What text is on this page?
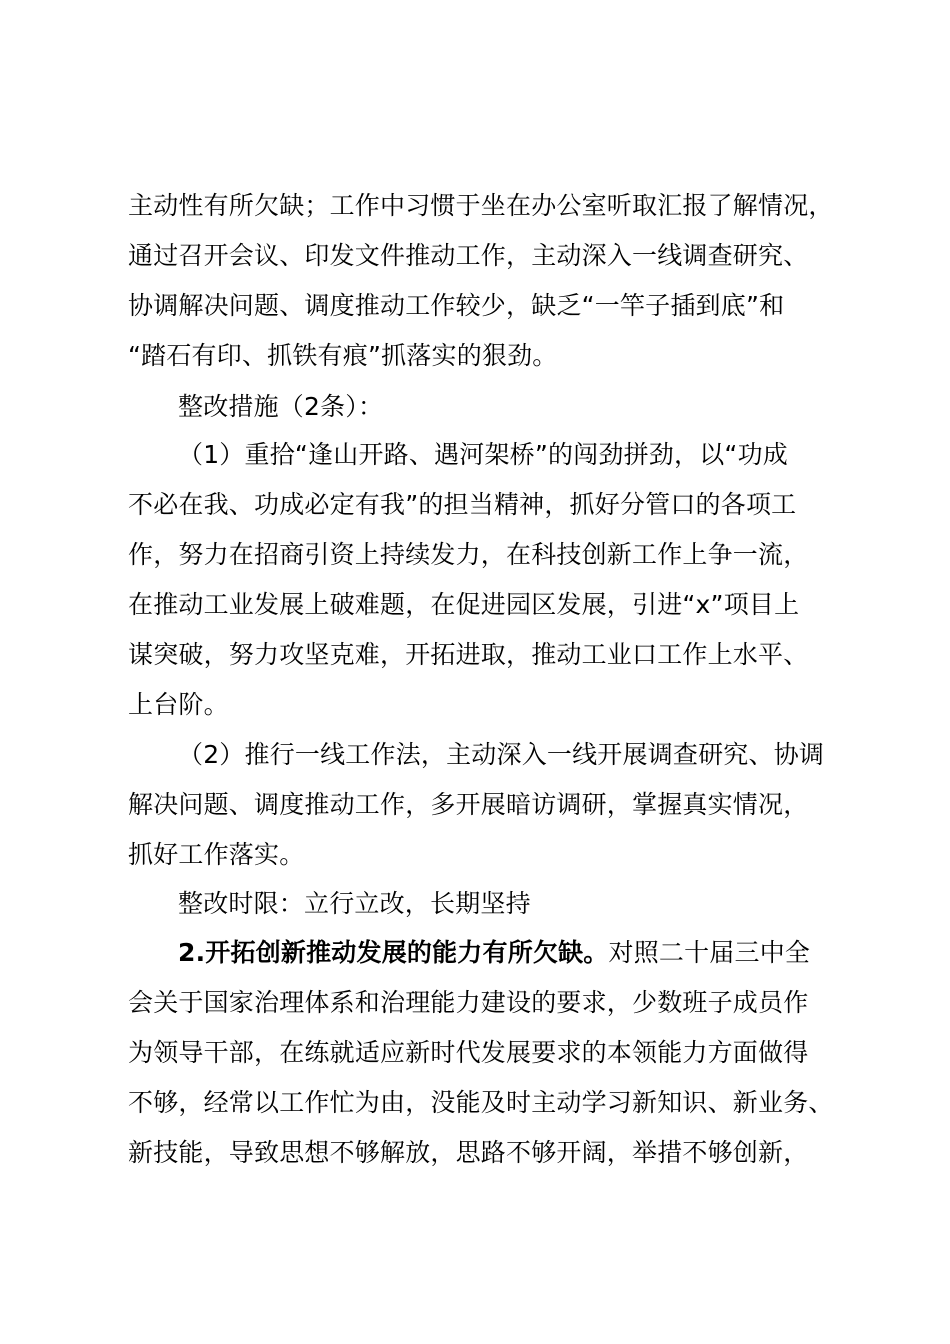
主动性有所欠缺；工作中习惯于坐在办公室听取汇报了解情况，
通过召开会议、印发文件推动工作，主动深入一线调查研究、
协调解决问题、调度推动工作较少，缺乏“一竿子插到底”和
“踏石有印、抓铁有痕”抓落实的狠劲。
整改措施（2条）：
（1）重拾“逢山开路、遇河架桥”的闯劲拼劲，以“功成
不必在我、功成必定有我”的担当精神，抓好分管口的各项工
作，努力在招商引资上持续发力，在科技创新工作上争一流，
在推动工业发展上破难题，在促进园区发展，引进“x”项目上
谋突破，努力攻坚克难，开拓进取，推动工业口工作上水平、
上台阶。
（2）推行一线工作法，主动深入一线开展调查研究、协调
解决问题、调度推动工作，多开展暗访调研，掌握真实情况，
抓好工作落实。
整改时限：立行立改，长期坚持
2.开拓创新推动发展的能力有所欠缺。对照二十届三中全
会关于国家治理体系和治理能力建设的要求，少数班子成员作
为领导干部，在练就适应新时代发展要求的本领能力方面做得
不够，经常以工作忙为由，没能及时主动学习新知识、新业务、
新技能，导致思想不够解放，思路不够开阔，举措不够创新，
